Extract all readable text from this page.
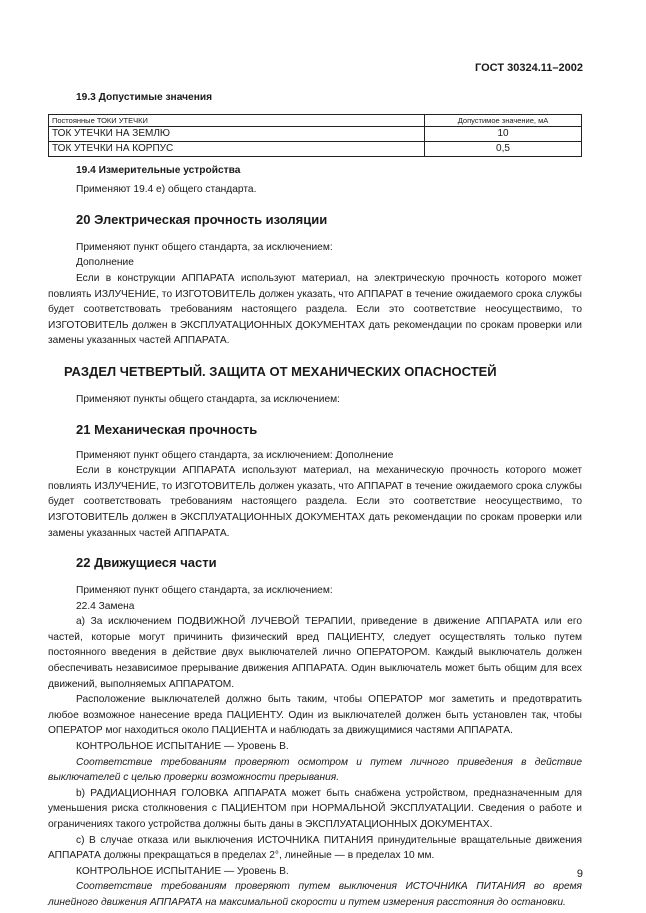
ГОСТ 30324.11–2002

19.3 Допустимые значения

Постоянные ТОКИ УТЕЧКИ	Допустимое значение, мА
ТОК УТЕЧКИ НА ЗЕМЛЮ	10
ТОК УТЕЧКИ НА КОРПУС	0,5

19.4 Измерительные устройства

Применяют 19.4 е) общего стандарта.

20 Электрическая прочность изоляции

Применяют пункт общего стандарта, за исключением:

Дополнение

Если в конструкции АППАРАТА используют материал, на электрическую прочность которого может повлиять ИЗЛУЧЕНИЕ, то ИЗГОТОВИТЕЛЬ должен указать, что АППАРАТ в течение ожидаемого срока службы будет соответствовать требованиям настоящего раздела. Если это соответствие неосуществимо, то ИЗГОТОВИТЕЛЬ должен в ЭКСПЛУАТАЦИОННЫХ ДОКУМЕНТАХ дать рекомендации по срокам проверки или замены указанных частей АППАРАТА.

РАЗДЕЛ ЧЕТВЕРТЫЙ. ЗАЩИТА ОТ МЕХАНИЧЕСКИХ ОПАСНОСТЕЙ

Применяют пункты общего стандарта, за исключением:

21 Механическая прочность

Применяют пункт общего стандарта, за исключением: Дополнение

Если в конструкции АППАРАТА используют материал, на механическую прочность которого может повлиять ИЗЛУЧЕНИЕ, то ИЗГОТОВИТЕЛЬ должен указать, что АППАРАТ в течение ожидаемого срока службы будет соответствовать требованиям настоящего раздела. Если это соответствие неосуществимо, то ИЗГОТОВИТЕЛЬ должен в ЭКСПЛУАТАЦИОННЫХ ДОКУМЕНТАХ дать рекомендации по срокам проверки или замены указанных частей АППАРАТА.

22 Движущиеся части

Применяют пункт общего стандарта, за исключением:

22.4 Замена

а) За исключением ПОДВИЖНОЙ ЛУЧЕВОЙ ТЕРАПИИ, приведение в движение АППАРАТА или его частей, которые могут причинить физический вред ПАЦИЕНТУ, следует осуществлять только путем постоянного введения в действие двух выключателей лично ОПЕРАТОРОМ. Каждый выключатель должен обеспечивать независимое прерывание движения АППАРАТА. Один выключатель может быть общим для всех движений, выполняемых АППАРАТОМ.

Расположение выключателей должно быть таким, чтобы ОПЕРАТОР мог заметить и предотвратить любое возможное нанесение вреда ПАЦИЕНТУ. Один из выключателей должен быть установлен так, чтобы ОПЕРАТОР мог находиться около ПАЦИЕНТА и наблюдать за движущимися частями АППАРАТА.

КОНТРОЛЬНОЕ ИСПЫТАНИЕ — Уровень В.

Соответствие требованиям проверяют осмотром и путем личного приведения в действие выключателей с целью проверки возможности прерывания.

b) РАДИАЦИОННАЯ ГОЛОВКА АППАРАТА может быть снабжена устройством, предназначенным для уменьшения риска столкновения с ПАЦИЕНТОМ при НОРМАЛЬНОЙ ЭКСПЛУАТАЦИИ. Сведения о работе и ограничениях такого устройства должны быть даны в ЭКСПЛУАТАЦИОННЫХ ДОКУМЕНТАХ.

с) В случае отказа или выключения ИСТОЧНИКА ПИТАНИЯ принудительные вращательные движения АППАРАТА должны прекращаться в пределах 2°, линейные — в пределах 10 мм.

КОНТРОЛЬНОЕ ИСПЫТАНИЕ — Уровень В.

Соответствие требованиям проверяют путем выключения ИСТОЧНИКА ПИТАНИЯ во время линейного движения АППАРАТА на максимальной скорости и путем измерения расстояния до остановки.

9
